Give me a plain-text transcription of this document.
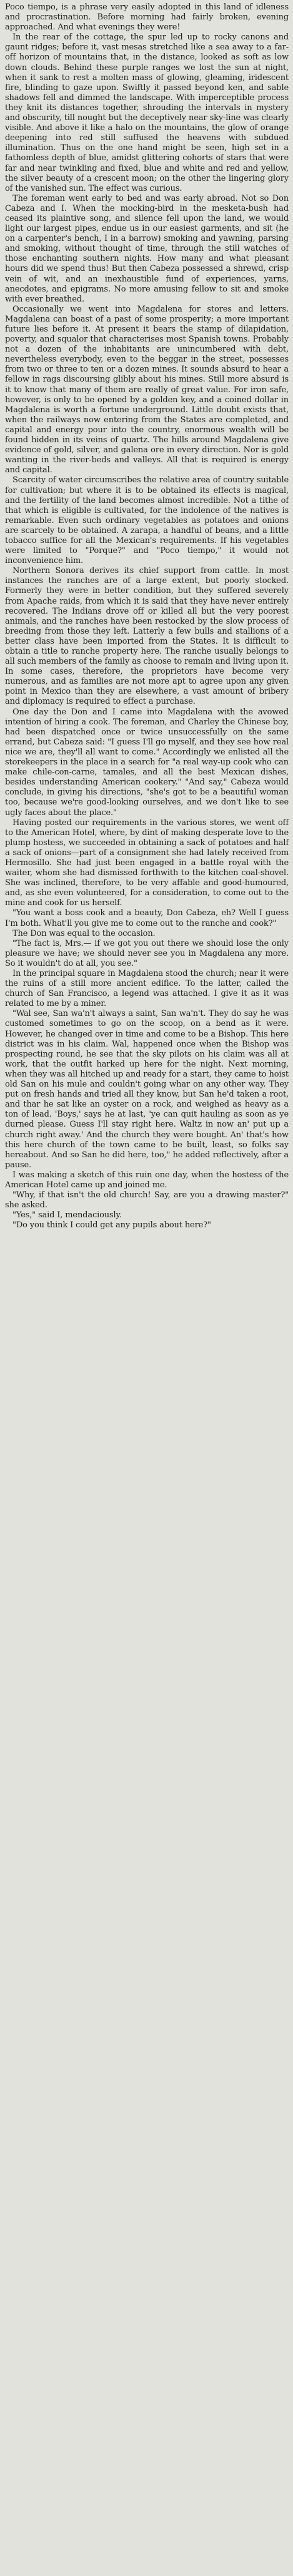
Poco tiempo, is a phrase very easily adopted in this land of idleness and procrastination. Before morning had fairly broken, evening approached. And what evenings they were!

In the rear of the cottage, the spur led up to rocky canons and gaunt ridges; before it, vast mesas stretched like a sea away to a far-off horizon of mountains that, in the distance, looked as soft as low down clouds. Behind these purple ranges we lost the sun at night, when it sank to rest a molten mass of glowing, gleaming, iridescent fire, blinding to gaze upon. Swiftly it passed beyond ken, and sable shadows fell and dimmed the landscape. With imperceptible process they knit its distances together, shrouding the intervals in mystery and obscurity, till nought but the deceptively near sky-line was clearly visible. And above it like a halo on the mountains, the glow of orange deepening into red still suffused the heavens with subdued illumination. Thus on the one hand might be seen, high set in a fathomless depth of blue, amidst glittering cohorts of stars that were far and near twinkling and fixed, blue and white and red and yellow, the silver beauty of a crescent moon; on the other the lingering glory of the vanished sun. The effect was curious.

The foreman went early to bed and was early abroad. Not so Don Cabeza and I. When the mocking-bird in the mesketa-bush had ceased its plaintive song, and silence fell upon the land, we would light our largest pipes, endue us in our easiest garments, and sit (he on a carpenter's bench, I in a barrow) smoking and yawning, parsing and smoking, without thought of time, through the still watches of those enchanting southern nights. How many and what pleasant hours did we spend thus! But then Cabeza possessed a shrewd, crisp vein of wit, and an inexhaustible fund of experiences, yarns, anecdotes, and epigrams. No more amusing fellow to sit and smoke with ever breathed.

Occasionally we went into Magdalena for stores and letters. Magdalena can boast of a past of some prosperity; a more important future lies before it. At present it bears the stamp of dilapidation, poverty, and squalor that characterises most Spanish towns. Probably not a dozen of the inhabitants are unincumbered with debt, nevertheless everybody, even to the beggar in the street, possesses from two or three to ten or a dozen mines. It sounds absurd to hear a fellow in rags discoursing glibly about his mines. Still more absurd is it to know that many of them are really of great value. For iron safe, however, is only to be opened by a golden key, and a coined dollar in Magdalena is worth a fortune underground. Little doubt exists that, when the railways now entering from the States are completed, and capital and energy pour into the country, enormous wealth will be found hidden in its veins of quartz. The hills around Magdalena give evidence of gold, silver, and galena ore in every direction. Nor is gold wanting in the river-beds and valleys. All that is required is energy and capital.

Scarcity of water circumscribes the relative area of country suitable for cultivation; but where it is to be obtained its effects is magical, and the fertility of the land becomes almost incredible. Not a tithe of that which is eligible is cultivated, for the indolence of the natives is remarkable. Even such ordinary vegetables as potatoes and onions are scarcely to be obtained. A zarapa, a handful of beans, and a little tobacco suffice for all the Mexican's requirements. If his vegetables were limited to "Porque?" and "Poco tiempo," it would not inconvenience him.

Northern Sonora derives its chief support from cattle. In most instances the ranches are of a large extent, but poorly stocked. Formerly they were in better condition, but they suffered severely from Apache raids, from which it is said that they have never entirely recovered. The Indians drove off or killed all but the very poorest animals, and the ranches have been restocked by the slow process of breeding from those they left. Latterly a few bulls and stallions of a better class have been imported from the States. It is difficult to obtain a title to ranche property here. The ranche usually belongs to all such members of the family as choose to remain and living upon it. In some cases, therefore, the proprietors have become very numerous, and as families are not more apt to agree upon any given point in Mexico than they are elsewhere, a vast amount of bribery and diplomacy is required to effect a purchase.

One day the Don and I came into Magdalena with the avowed intention of hiring a cook. The foreman, and Charley the Chinese boy, had been dispatched once or twice unsuccessfully on the same errand, but Cabeza said: "I guess I'll go myself, and they see how real nice we are, they'll all want to come." Accordingly we enlisted all the storekeepers in the place in a search for "a real way-up cook who can make chile-con-carne, tamales, and all the best Mexican dishes, besides understanding American cookery." "And say," Cabeza would conclude, in giving his directions, "she's got to be a beautiful woman too, because we're good-looking ourselves, and we don't like to see ugly faces about the place."

Having posted our requirements in the various stores, we went off to the American Hotel, where, by dint of making desperate love to the plump hostess, we succeeded in obtaining a sack of potatoes and half a sack of onions—part of a consignment she had lately received from Hermosillo. She had just been engaged in a battle royal with the waiter, whom she had dismissed forthwith to the kitchen coal-shovel. She was inclined, therefore, to be very affable and good-humoured, and, as she even volunteered, for a consideration, to come out to the mine and cook for us herself.

"You want a boss cook and a beauty, Don Cabeza, eh? Well I guess I'm both. What'll you give me to come out to the ranche and cook?"

The Don was equal to the occasion.

"The fact is, Mrs.— if we got you out there we should lose the only pleasure we have; we should never see you in Magdalena any more. So it wouldn't do at all, you see."

In the principal square in Magdalena stood the church; near it were the ruins of a still more ancient edifice. To the latter, called the church of San Francisco, a legend was attached. I give it as it was related to me by a miner.

"Wal see, San wa'n't always a saint, San wa'n't. They do say he was customed sometimes to go on the scoop, on a bend as it were. However, he changed over in time and come to be a Bishop. This here district was in his claim. Wal, happened once when the Bishop was prospecting round, he see that the sky pilots on his claim was all at work, that the outfit harked up here for the night. Next morning, when they was all hitched up and ready for a start, they came to hoist old San on his mule and couldn't going whar on any other way. They put on fresh hands and tried all they know, but San he'd taken a root, and thar he sat like an oyster on a rock, and weighed as heavy as a ton of lead. 'Boys,' says he at last, 'ye can quit hauling as soon as ye durned please. Guess I'll stay right here. Waltz in now an' put up a church right away.' And the church they were bought. An' that's how this here church of the town came to be built, least, so folks say hereabout. And so San he did here, too," he added reflectively, after a pause.

I was making a sketch of this ruin one day, when the hostess of the American Hotel came up and joined me.

"Why, if that isn't the old church! Say, are you a drawing master?" she asked.

"Yes," said I, mendaciously.

"Do you think I could get any pupils about here?"
